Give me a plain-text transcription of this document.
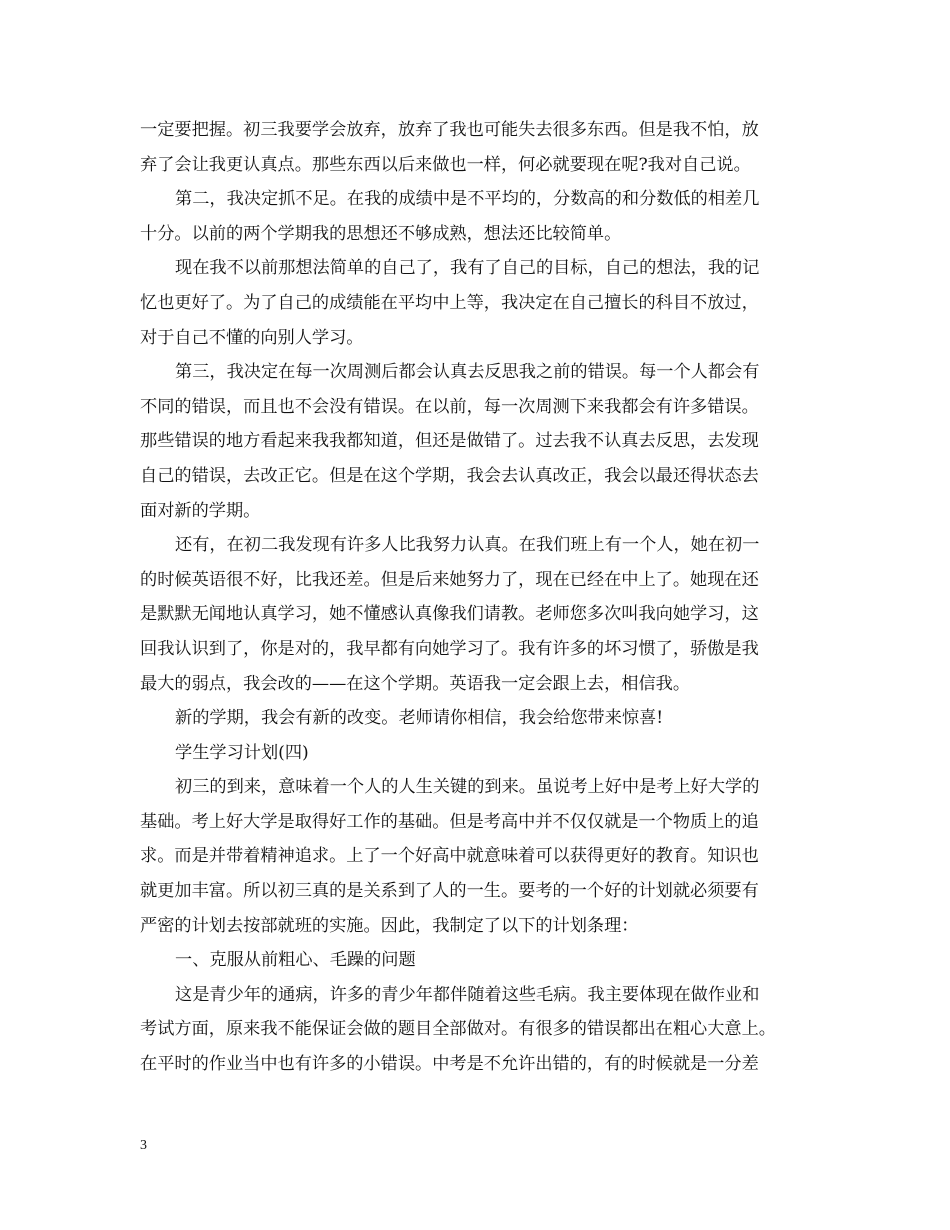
一定要把握。初三我要学会放弃，放弃了我也可能失去很多东西。但是我不怕，放
弃了会让我更认真点。那些东西以后来做也一样，何必就要现在呢?我对自己说。
第二，我决定抓不足。在我的成绩中是不平均的，分数高的和分数低的相差几
十分。以前的两个学期我的思想还不够成熟，想法还比较简单。
现在我不以前那想法简单的自己了，我有了自己的目标，自己的想法，我的记
忆也更好了。为了自己的成绩能在平均中上等，我决定在自己擅长的科目不放过，
对于自己不懂的向别人学习。
第三，我决定在每一次周测后都会认真去反思我之前的错误。每一个人都会有
不同的错误，而且也不会没有错误。在以前，每一次周测下来我都会有许多错误。
那些错误的地方看起来我我都知道，但还是做错了。过去我不认真去反思，去发现
自己的错误，去改正它。但是在这个学期，我会去认真改正，我会以最还得状态去
面对新的学期。
还有，在初二我发现有许多人比我努力认真。在我们班上有一个人，她在初一
的时候英语很不好，比我还差。但是后来她努力了，现在已经在中上了。她现在还
是默默无闻地认真学习，她不懂感认真像我们请教。老师您多次叫我向她学习，这
回我认识到了，你是对的，我早都有向她学习了。我有许多的坏习惯了，骄傲是我
最大的弱点，我会改的——在这个学期。英语我一定会跟上去，相信我。
新的学期，我会有新的改变。老师请你相信，我会给您带来惊喜!
学生学习计划(四)
初三的到来，意味着一个人的人生关键的到来。虽说考上好中是考上好大学的
基础。考上好大学是取得好工作的基础。但是考高中并不仅仅就是一个物质上的追
求。而是并带着精神追求。上了一个好高中就意味着可以获得更好的教育。知识也
就更加丰富。所以初三真的是关系到了人的一生。要考的一个好的计划就必须要有
严密的计划去按部就班的实施。因此，我制定了以下的计划条理：
一、克服从前粗心、毛躁的问题
这是青少年的通病，许多的青少年都伴随着这些毛病。我主要体现在做作业和
考试方面，原来我不能保证会做的题目全部做对。有很多的错误都出在粗心大意上。
在平时的作业当中也有许多的小错误。中考是不允许出错的，有的时候就是一分差
3
